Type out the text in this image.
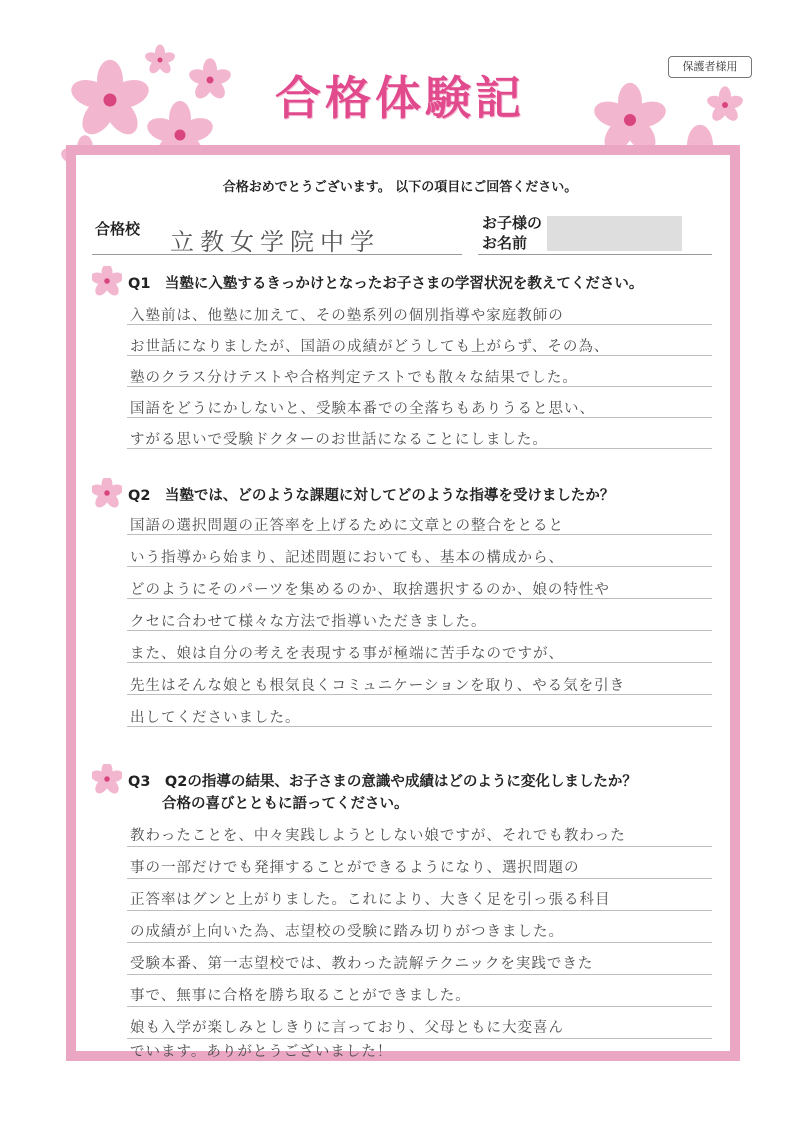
保護者様用
合格体験記
合格おめでとうございます。 以下の項目にご回答ください。
合格校 立教女学院中学
お子様の
お名前
Q1　当塾に入塾するきっかけとなったお子さまの学習状況を教えてください。
入塾前は、他塾に加えて、その塾系列の個別指導や家庭教師の
お世話になりましたが、国語の成績がどうしても上がらず、その為、
塾のクラス分けテストや合格判定テストでも散々な結果でした。
国語をどうにかしないと、受験本番での全落ちもありうると思い、
すがる思いで受験ドクターのお世話になることにしました。
Q2　当塾では、どのような課題に対してどのような指導を受けましたか？
国語の選択問題の正答率を上げるために文章との整合をとると
いう指導から始まり、記述問題においても、基本の構成から、
どのようにそのパーツを集めるのか、取捨選択するのか、娘の特性や
クセに合わせて様々な方法で指導いただきました。
また、娘は自分の考えを表現する事が極端に苦手なのですが、
先生はそんな娘とも根気良くコミュニケーションを取り、やる気を引き
出してくださいました。
Q3　Q2の指導の結果、お子さまの意識や成績はどのように変化しましたか？
合格の喜びとともに語ってください。
教わったことを、中々実践しようとしない娘ですが、それでも教わった
事の一部だけでも発揮することができるようになり、選択問題の
正答率はグンと上がりました。これにより、大きく足を引っ張る科目
の成績が上向いた為、志望校の受験に踏み切りがつきました。
受験本番、第一志望校では、教わった読解テクニックを実践できた
事で、無事に合格を勝ち取ることができました。
娘も入学が楽しみとしきりに言っており、父母ともに大変喜ん
でいます。ありがとうございました！
